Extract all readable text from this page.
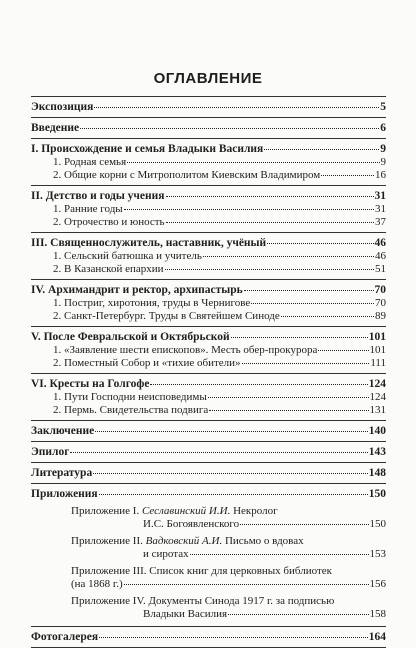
ОГЛАВЛЕНИЕ
Экспозиция	5
Введение	6
I. Происхождение и семья Владыки Василия	9
1. Родная семья	9
2. Общие корни с Митрополитом Киевским Владимиром	16
II. Детство и годы учения	31
1. Ранние годы	31
2. Отрочество и юность	37
III. Священнослужитель, наставник, учёный	46
1. Сельский батюшка и учитель	46
2. В Казанской епархии	51
IV. Архимандрит и ректор, архипастырь	70
1. Постриг, хиротония, труды в Чернигове	70
2. Санкт-Петербург. Труды в Святейшем Синоде	89
V. После Февральской и Октябрьской	101
1. «Заявление шести епископов». Месть обер-прокурора	101
2. Поместный Собор и «тихие обители»	111
VI. Кресты на Голгофе	124
1. Пути Господни неисповедимы	124
2. Пермь. Свидетельства подвига	131
Заключение	140
Эпилог	143
Литература	148
Приложения	150
Приложение I. Сеславинский И.И. Некролог
И.С. Богоявленского	150
Приложение II. Вадковский А.И. Письмо о вдовах
и сиротах	153
Приложение III. Список книг для церковных библиотек
(на 1868 г.)	156
Приложение IV. Документы Синода 1917 г. за подписью
Владыки Василия	158
Фотогалерея	164
